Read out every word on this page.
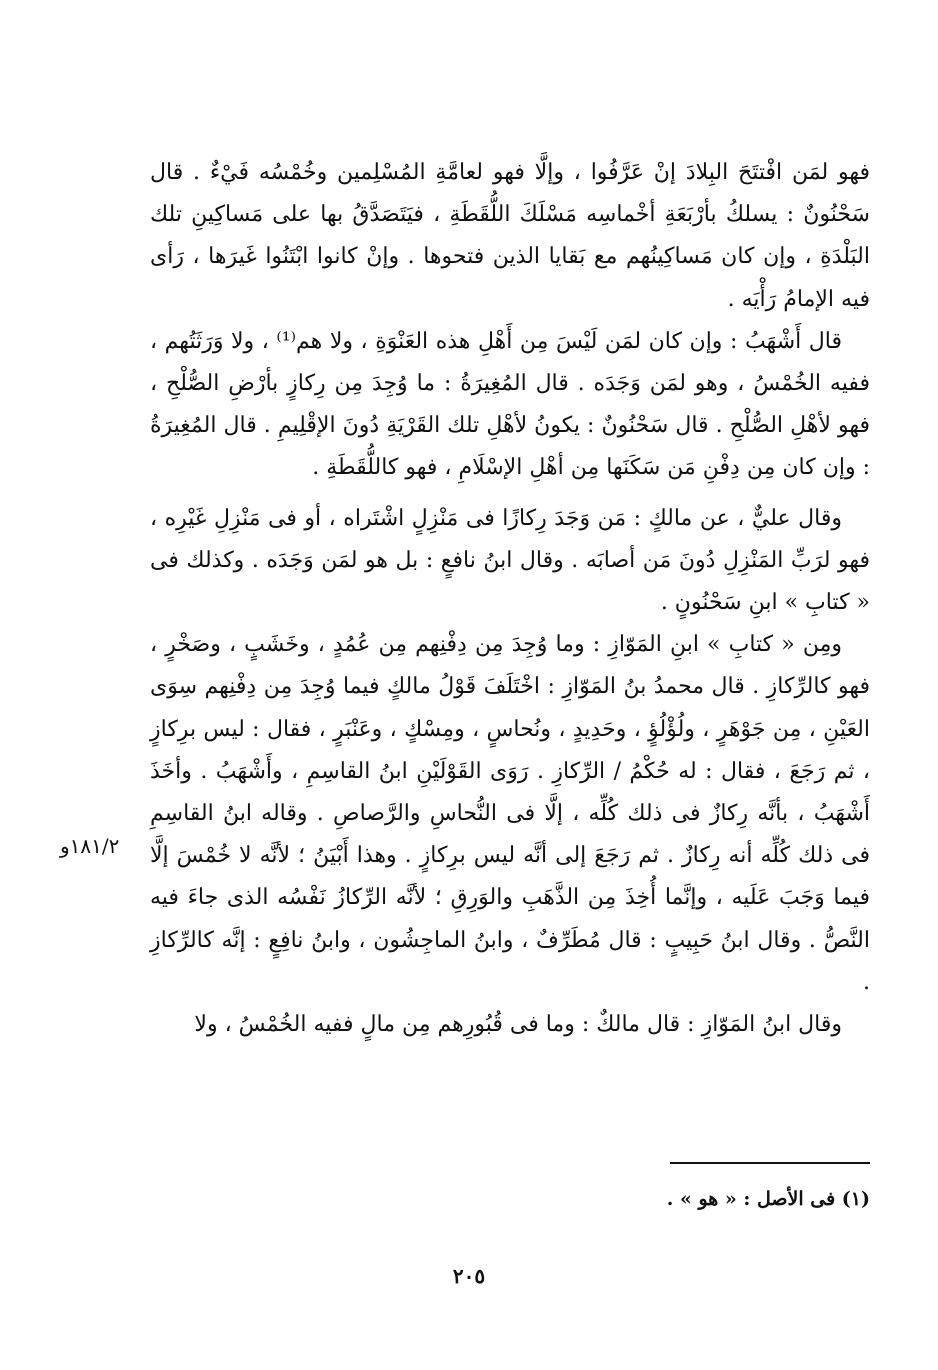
فهو لمَن افْتتَحَ البِلادَ إنْ عَرَّفُوا ، وإلَّا فهو لعامَّةِ المُسْلِمين وخُمْسُه فَيْءٌ . قال سَحْنُونٌ : يسلكُ بأرْبَعَةِ أخْماسِه مَسْلَكَ اللُّقَطَةِ ، فيَتَصَدَّقُ بها على مَساكِينِ تلك البَلْدَةِ ، وإن كان مَساكِينُهم مع بَقايا الذين فتحوها . وإنْ كانوا ابْتَنُوا غَيرَها ، رَأى فيه الإمامُ رَأْيَه .

قال أَشْهَبُ : وإن كان لمَن لَيْسَ مِن أَهْلِ هذه العَنْوَةِ ، ولا هم⁽¹⁾ ، ولا وَرَثَتُهم ، ففيه الخُمْسُ ، وهو لمَن وَجَدَه . قال المُغِيرَةُ : ما وُجِدَ مِن رِكازٍ بأرْضِ الصُّلْحِ ، فهو لأهْلِ الصُّلْحِ . قال سَحْنُونٌ : يكونُ لأهْلِ تلك القَرْيَةِ دُونَ الإقْلِيمِ . قال المُغِيرَةُ : وإن كان مِن دِفْنِ مَن سَكَنَها مِن أهْلِ الإسْلَامِ ، فهو كاللُّقَطَةِ .

وقال عليٌّ ، عن مالكٍ : مَن وَجَدَ رِكازًا فى مَنْزِلٍ اشْتَراه ، أو فى مَنْزِلِ غَيْرِه ، فهو لرَبِّ المَنْزِلِ دُونَ مَن أصابَه . وقال ابنُ نافعٍ : بل هو لمَن وَجَدَه . وكذلك فى « كتابِ » ابنِ سَحْنُونٍ .

ومِن « كتابِ » ابنِ المَوّازِ : وما وُجِدَ مِن دِفْنِهم مِن عُمُدٍ ، وخَشَبٍ ، وصَخْرٍ ، فهو كالرِّكازِ . قال محمدُ بنُ المَوّازِ : اخْتَلَفَ قَوْلُ مالكٍ فيما وُجِدَ مِن دِفْنِهم سِوَى العَيْنِ ، مِن جَوْهَرٍ ، ولُؤْلُؤٍ ، وحَدِيدٍ ، ونُحاسٍ ، ومِسْكٍ ، وعَنْبَرٍ ، فقال : ليس برِكازٍ ، ثم رَجَعَ ، فقال : له حُكْمُ / الرِّكازِ . رَوَى القَوْلَيْنِ ابنُ القاسِمِ ، وأَشْهَبُ . وأخَذَ أَشْهَبُ ، بأنَّه رِكازٌ فى ذلك كُلِّه ، إلَّا فى النُّحاسِ والرَّصاصِ . وقاله ابنُ القاسِمِ فى ذلك كُلِّه أنه رِكازٌ . ثم رَجَعَ إلى أنَّه ليس برِكازٍ . وهذا أَبْيَنُ ؛ لأنَّه لا خُمْسَ إلَّا فيما وَجَبَ عَلَيه ، وإنَّما أُخِذَ مِن الذَّهَبِ والوَرِقِ ؛ لأنَّه الرِّكازُ نَفْسُه الذى جاءَ فيه النَّصُّ . وقال ابنُ حَبِيبٍ : قال مُطَرِّفٌ ، وابنُ الماجِشُون ، وابنُ نافِعٍ : إنَّه كالرِّكازِ .

وقال ابنُ المَوّازِ : قال مالكٌ : وما فى قُبُورِهم مِن مالٍ ففيه الخُمْسُ ، ولا

١٨١/٢و
(١) فى الأصل : « هو » .
٢٠٥
